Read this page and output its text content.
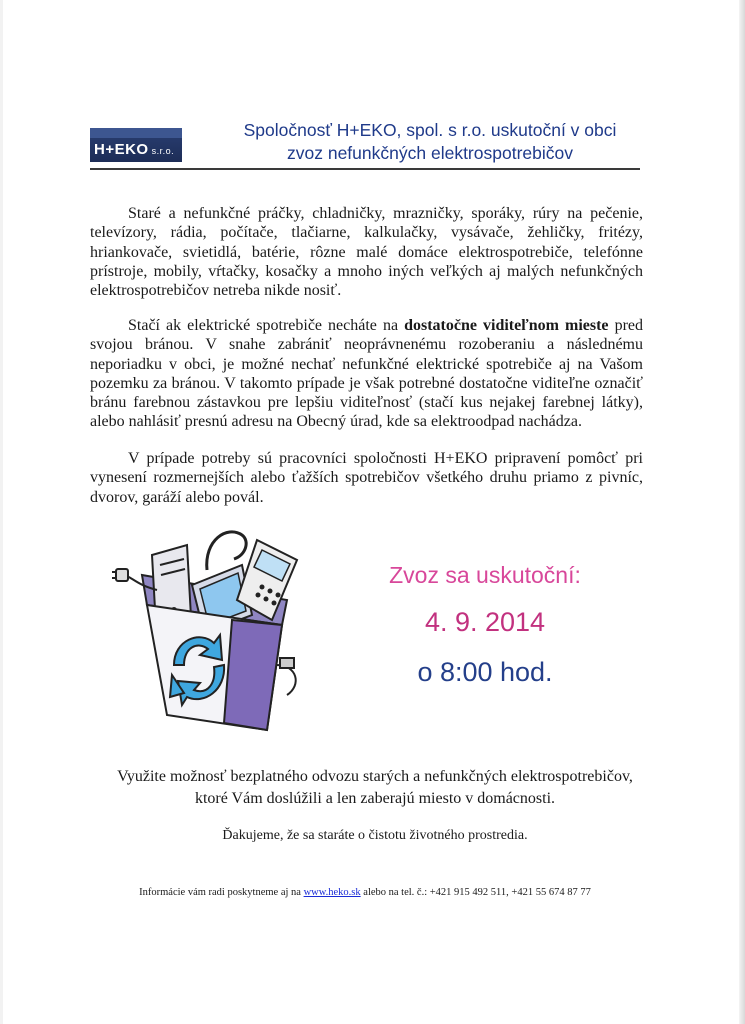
H+EKO s.r.o.
Spoločnosť H+EKO, spol. s r.o. uskutoční v obci
zvoz nefunkčných elektrospotrebičov
Staré a nefunkčné práčky, chladničky, mrazničky, sporáky, rúry na pečenie, televízory, rádia, počítače, tlačiarne, kalkulačky, vysávače, žehličky, fritézy, hriankovače, svietidlá, batérie, rôzne malé domáce elektrospotrebiče, telefónne prístroje, mobily, vŕtačky, kosačky a mnoho iných veľkých aj malých nefunkčných elektrospotrebičov netreba nikde nosiť.
Stačí ak elektrické spotrebiče necháte na dostatočne viditeľnom mieste pred svojou bránou. V snahe zabrániť neoprávnenému rozoberaniu a následnému neporiadku v obci, je možné nechať nefunkčné elektrické spotrebiče aj na Vašom pozemku za bránou. V takomto prípade je však potrebné dostatočne viditeľne označiť bránu farebnou zástavkou pre lepšiu viditeľnosť (stačí kus nejakej farebnej látky), alebo nahlásiť presnú adresu na Obecný úrad, kde sa elektroodpad nachádza.
V prípade potreby sú pracovníci spoločnosti H+EKO pripravení pomôcť pri vynesení rozmernejších alebo ťažších spotrebičov všetkého druhu priamo z pivníc, dvorov, garáží alebo povál.
Zvoz sa uskutoční:
4. 9. 2014
o 8:00 hod.
Využite možnosť bezplatného odvozu starých a nefunkčných elektrospotrebičov,
ktoré Vám doslúžili a len zaberajú miesto v domácnosti.
Ďakujeme, že sa staráte o čistotu životného prostredia.
Informácie vám radi poskytneme aj na www.heko.sk alebo na tel. č.: +421 915 492 511, +421 55 674 87 77
